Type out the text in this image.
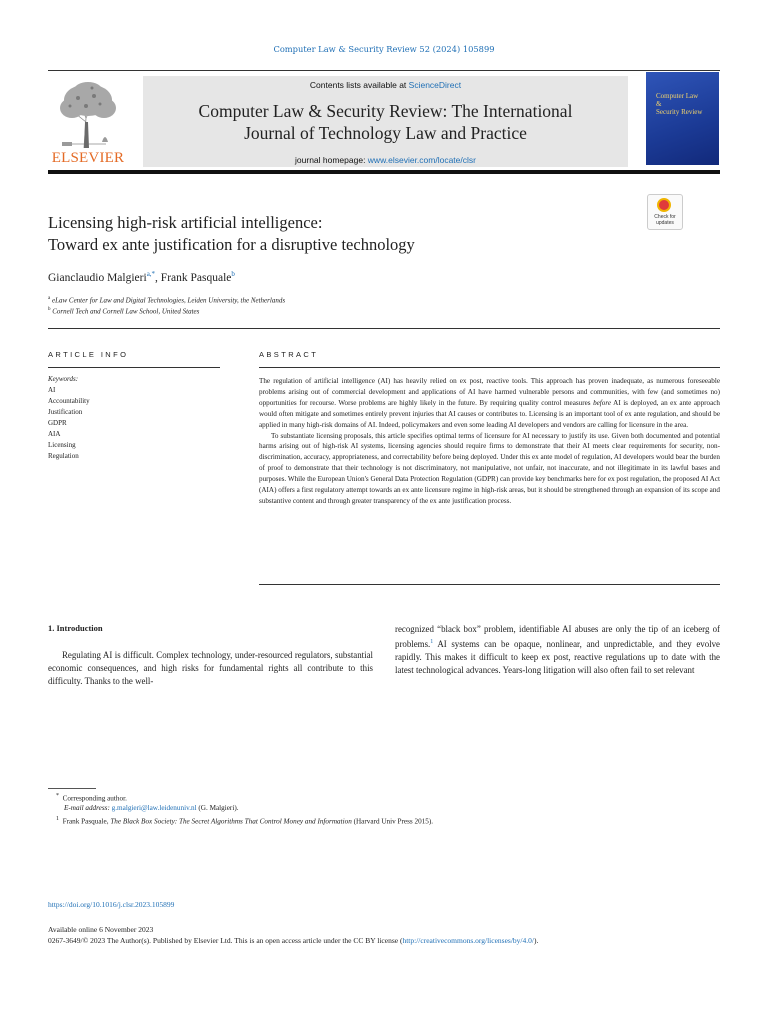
Computer Law & Security Review 52 (2024) 105899
ELSEVIER
Contents lists available at ScienceDirect
Computer Law & Security Review: The International
Journal of Technology Law and Practice
journal homepage: www.elsevier.com/locate/clsr
Computer Law
&
Security Review
Check for
updates
Licensing high-risk artificial intelligence:
Toward ex ante justification for a disruptive technology
Gianclaudio Malgieri$^{a,*}$, Frank Pasquale$^b$
$^a$ eLaw Center for Law and Digital Technologies, Leiden University, the Netherlands
$^b$ Cornell Tech and Cornell Law School, United States
ARTICLE INFO
Keywords:
AI
Accountability
Justification
GDPR
AIA
Licensing
Regulation
ABSTRACT

The regulation of artificial intelligence (AI) has heavily relied on ex post, reactive tools. This approach has proven inadequate, as numerous foreseeable problems arising out of commercial development and applications of AI have harmed vulnerable persons and communities, with few (and sometimes no) opportunities for recourse. Worse problems are highly likely in the future. By requiring quality control measures before AI is deployed, an ex ante approach would often mitigate and sometimes entirely prevent injuries that AI causes or contributes to. Licensing is an important tool of ex ante regulation, and should be applied in many high-risk domains of AI. Indeed, policymakers and even some leading AI developers and vendors are calling for licensure in the area.

To substantiate licensing proposals, this article specifies optimal terms of licensure for AI necessary to justify its use. Given both documented and potential harms arising out of high-risk AI systems, licensing agencies should require firms to demonstrate that their AI meets clear requirements for security, non-discrimination, accuracy, appropriateness, and correctability before being deployed. Under this ex ante model of regulation, AI developers would bear the burden of proof to demonstrate that their technology is not discriminatory, not manipulative, not unfair, not inaccurate, and not illegitimate in its lawful bases and purposes. While the European Union's General Data Protection Regulation (GDPR) can provide key benchmarks here for ex post regulation, the proposed AI Act (AIA) offers a first regulatory attempt towards an ex ante licensure regime in high-risk areas, but it should be strengthened through an expansion of its scope and substantive content and through greater transparency of the ex ante justification process.

1. Introduction
Regulating AI is difficult. Complex technology, under-resourced regulators, substantial economic consequences, and high risks for fundamental rights all contribute to this difficulty. Thanks to the well-
recognized “black box” problem, identifiable AI abuses are only the tip of an iceberg of problems.$^1$ AI systems can be opaque, nonlinear, and unpredictable, and they evolve rapidly. This makes it difficult to keep ex post, reactive regulations up to date with the latest technological advances. Years-long litigation will also often fail to set relevant
* Corresponding author.
E-mail address: g.malgieri@law.leidenuniv.nl (G. Malgieri).
$^1$ Frank Pasquale, The Black Box Society: The Secret Algorithms That Control Money and Information (Harvard Univ Press 2015).
https://doi.org/10.1016/j.clsr.2023.105899
Available online 6 November 2023
0267-3649/© 2023 The Author(s). Published by Elsevier Ltd. This is an open access article under the CC BY license (http://creativecommons.org/licenses/by/4.0/).
